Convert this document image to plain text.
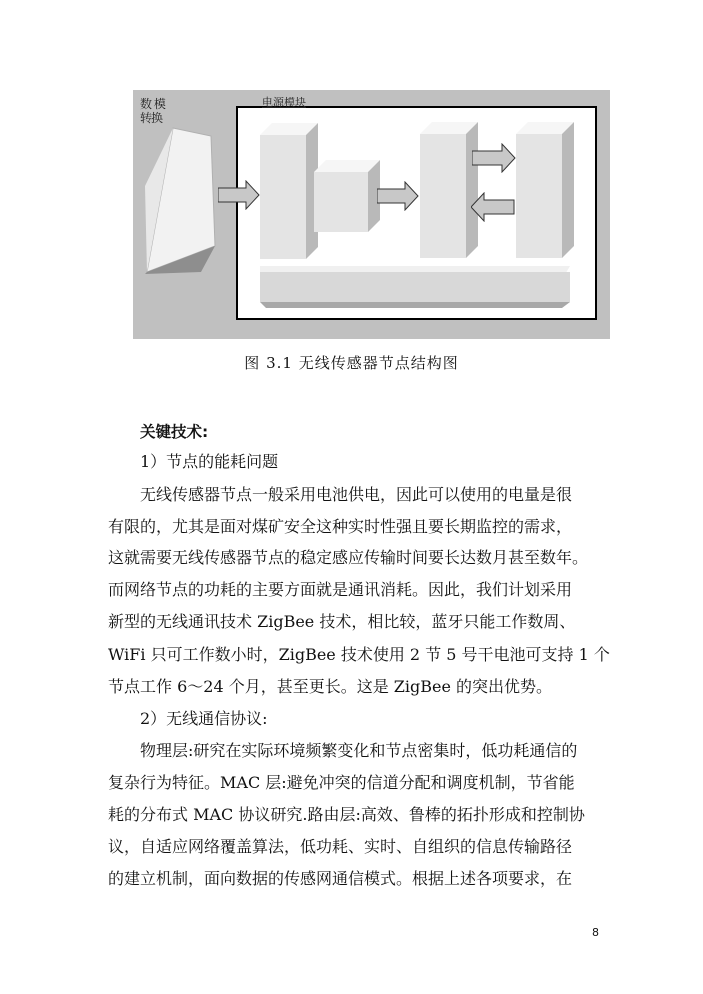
数 模转换
电源模块
图 3.1 无线传感器节点结构图
关键技术:
1）节点的能耗问题
无线传感器节点一般采用电池供电，因此可以使用的电量是很
有限的，尤其是面对煤矿安全这种实时性强且要长期监控的需求，
这就需要无线传感器节点的稳定感应传输时间要长达数月甚至数年。
而网络节点的功耗的主要方面就是通讯消耗。因此，我们计划采用
新型的无线通讯技术 ZigBee 技术，相比较，蓝牙只能工作数周、
WiFi 只可工作数小时，ZigBee 技术使用 2 节 5 号干电池可支持 1 个
节点工作 6～24 个月，甚至更长。这是 ZigBee 的突出优势。
2）无线通信协议:
物理层:研究在实际环境频繁变化和节点密集时，低功耗通信的
复杂行为特征。MAC 层:避免冲突的信道分配和调度机制，节省能
耗的分布式 MAC 协议研究.路由层:高效、鲁棒的拓扑形成和控制协
议，自适应网络覆盖算法，低功耗、实时、自组织的信息传输路径
的建立机制，面向数据的传感网通信模式。根据上述各项要求，在
8
